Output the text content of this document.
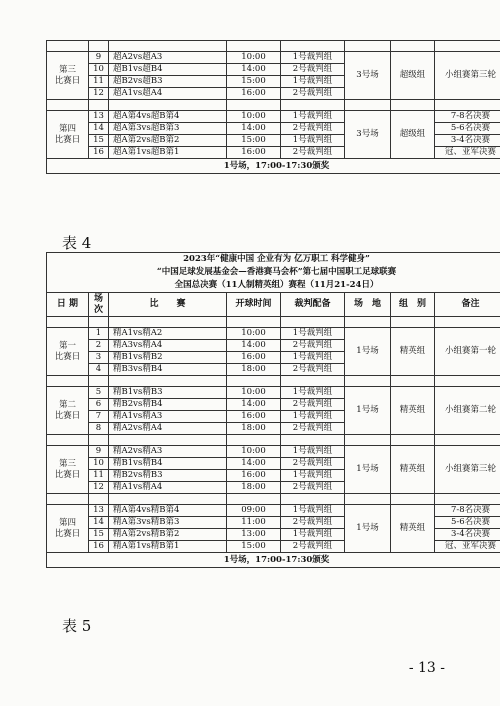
第三
比赛日	9	超A2vs超A3	10:00	1号裁判组	3号场	超级组	小组赛第三轮
	10	超B1vs超B4	14:00	2号裁判组			
	11	超B2vs超B3	15:00	1号裁判组			
	12	超A1vs超A4	16:00	2号裁判组			

第四
比赛日	13	超A第4vs超B第4	10:00	1号裁判组	3号场	超级组	7-8名决赛
	14	超A第3vs超B第3	14:00	2号裁判组			5-6名决赛
	15	超A第2vs超B第2	15:00	1号裁判组			3-4名决赛
	16	超A第1vs超B第1	16:00	2号裁判组			冠、亚军决赛
1号场，17:00-17:30颁奖							
表 4
2023年“健康中国 企业有为 亿万职工 科学健身”							
“中国足球发展基金会—香港赛马会杯”第七届中国职工足球联赛							
全国总决赛（11人制精英组）赛程（11月21-24日）							
日 期	场
次	比　　赛	开球时间	裁判配备	场　地	组　别	备注

第一
比赛日	1	精A1vs精A2	10:00	1号裁判组	1号场	精英组	小组赛第一轮
	2	精A3vs精A4	14:00	2号裁判组			
	3	精B1vs精B2	16:00	1号裁判组			
	4	精B3vs精B4	18:00	2号裁判组			

第二
比赛日	5	精B1vs精B3	10:00	1号裁判组	1号场	精英组	小组赛第二轮
	6	精B2vs精B4	14:00	2号裁判组			
	7	精A1vs精A3	16:00	1号裁判组			
	8	精A2vs精A4	18:00	2号裁判组			

第三
比赛日	9	精A2vs精A3	10:00	1号裁判组	1号场	精英组	小组赛第三轮
	10	精B1vs精B4	14:00	2号裁判组			
	11	精B2vs精B3	16:00	1号裁判组			
	12	精A1vs精A4	18:00	2号裁判组			

第四
比赛日	13	精A第4vs精B第4	09:00	1号裁判组	1号场	精英组	7-8名决赛
	14	精A第3vs精B第3	11:00	2号裁判组			5-6名决赛
	15	精A第2vs精B第2	13:00	1号裁判组			3-4名决赛
	16	精A第1vs精B第1	15:00	2号裁判组			冠、亚军决赛
1号场，17:00-17:30颁奖							
表 5
- 13 -
